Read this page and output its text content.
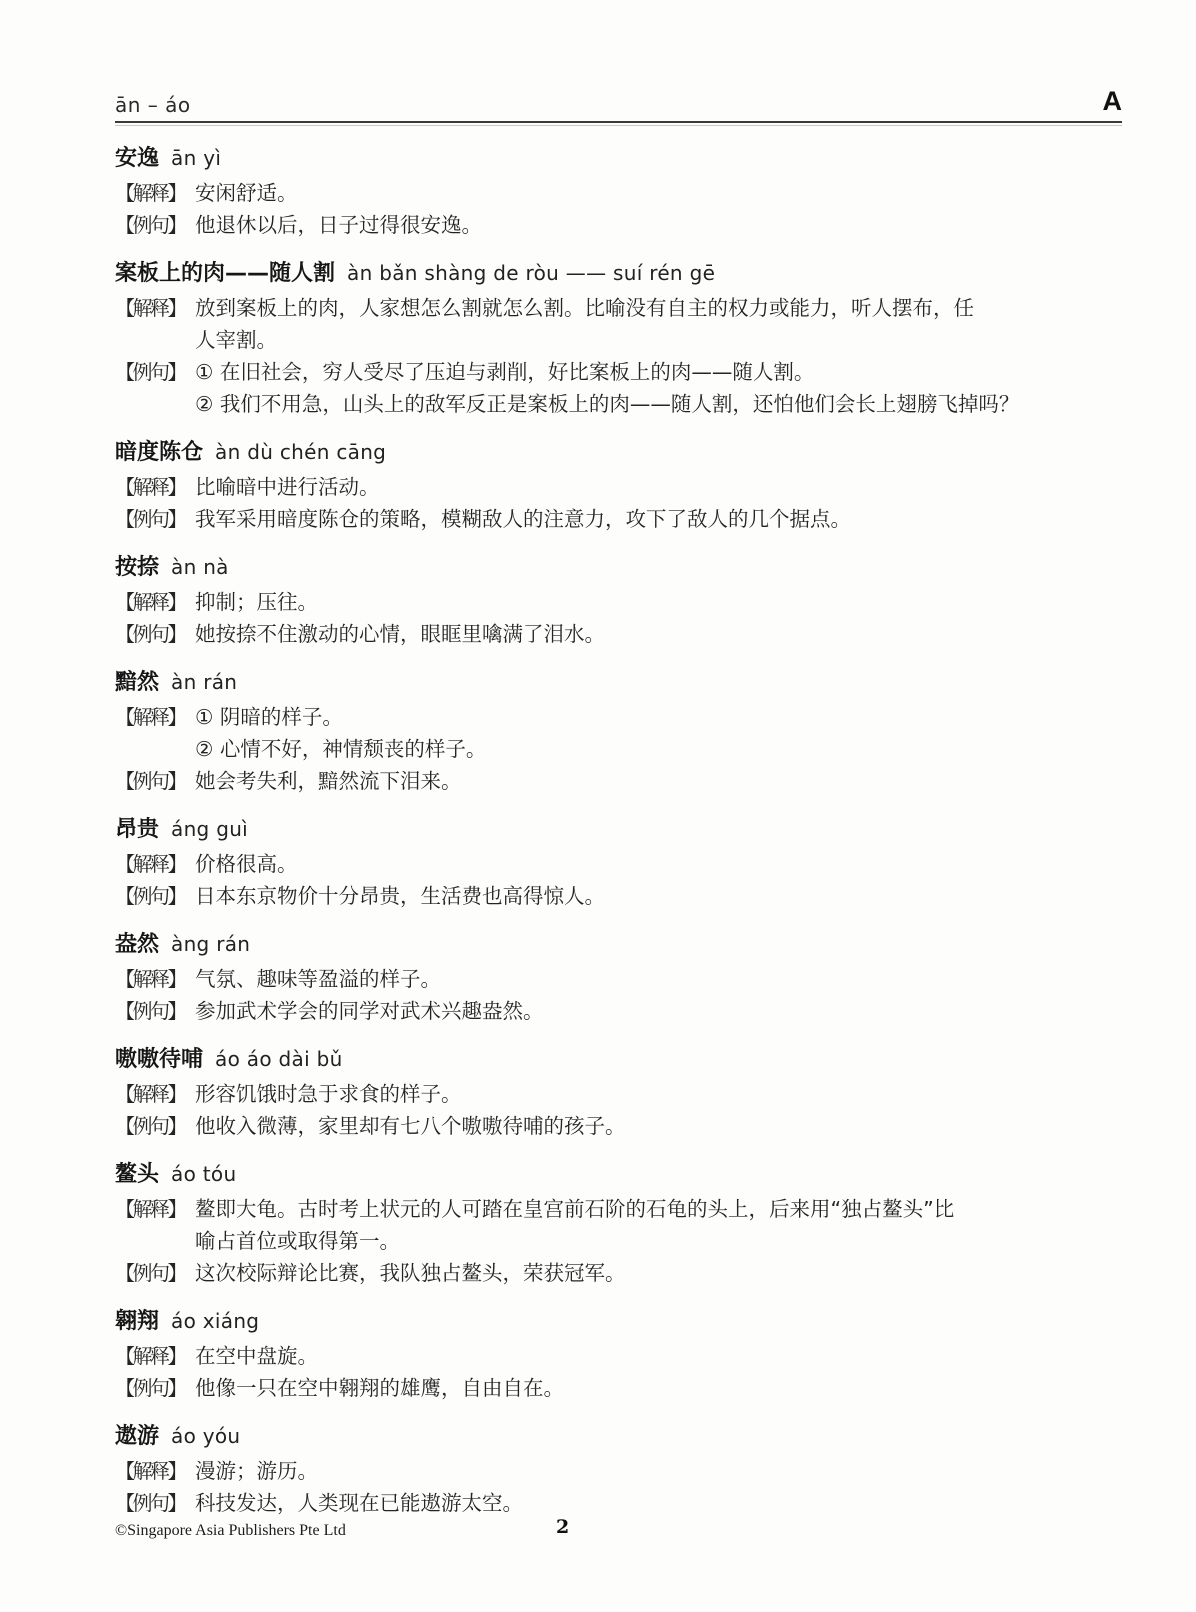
ān – áo	A
安逸 ān yì
【解释】 安闲舒适。
【例句】 他退休以后，日子过得很安逸。
案板上的肉——随人割 àn bǎn shàng de ròu —— suí rén gē
【解释】 放到案板上的肉，人家想怎么割就怎么割。比喻没有自主的权力或能力，听人摆布，任
人宰割。
【例句】 ① 在旧社会，穷人受尽了压迫与剥削，好比案板上的肉——随人割。
② 我们不用急，山头上的敌军反正是案板上的肉——随人割，还怕他们会长上翅膀飞掉吗？
暗度陈仓 àn dù chén cāng
【解释】 比喻暗中进行活动。
【例句】 我军采用暗度陈仓的策略，模糊敌人的注意力，攻下了敌人的几个据点。
按捺 àn nà
【解释】 抑制；压往。
【例句】 她按捺不住激动的心情，眼眶里噙满了泪水。
黯然 àn rán
【解释】 ① 阴暗的样子。
② 心情不好，神情颓丧的样子。
【例句】 她会考失利，黯然流下泪来。
昂贵 áng guì
【解释】 价格很高。
【例句】 日本东京物价十分昂贵，生活费也高得惊人。
盎然 àng rán
【解释】 气氛、趣味等盈溢的样子。
【例句】 参加武术学会的同学对武术兴趣盎然。
嗷嗷待哺 áo áo dài bǔ
【解释】 形容饥饿时急于求食的样子。
【例句】 他收入微薄，家里却有七八个嗷嗷待哺的孩子。
鳌头 áo tóu
【解释】 鳌即大龟。古时考上状元的人可踏在皇宫前石阶的石龟的头上，后来用“独占鳌头”比
喻占首位或取得第一。
【例句】 这次校际辩论比赛，我队独占鳌头，荣获冠军。
翱翔 áo xiáng
【解释】 在空中盘旋。
【例句】 他像一只在空中翱翔的雄鹰，自由自在。
遨游 áo yóu
【解释】 漫游；游历。
【例句】 科技发达，人类现在已能遨游太空。
©Singapore Asia Publishers Pte Ltd	2
